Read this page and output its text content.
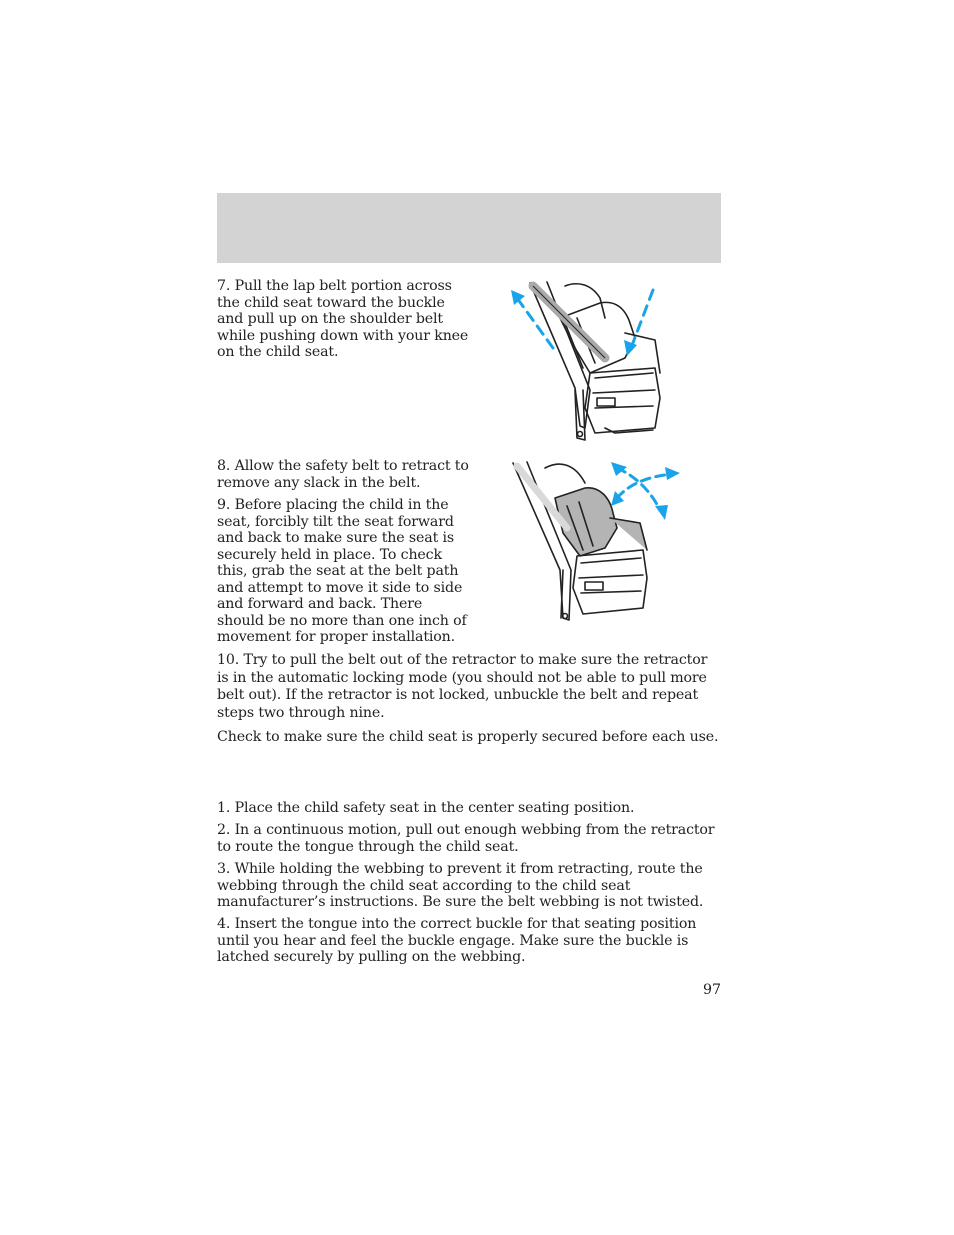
7. Pull the lap belt portion across the child seat toward the buckle and pull up on the shoulder belt while pushing down with your knee on the child seat.

8. Allow the safety belt to retract to remove any slack in the belt.

9. Before placing the child in the seat, forcibly tilt the seat forward and back to make sure the seat is securely held in place. To check this, grab the seat at the belt path and attempt to move it side to side and forward and back. There should be no more than one inch of movement for proper installation.

10. Try to pull the belt out of the retractor to make sure the retractor is in the automatic locking mode (you should not be able to pull more belt out). If the retractor is not locked, unbuckle the belt and repeat steps two through nine.

Check to make sure the child seat is properly secured before each use.

1. Place the child safety seat in the center seating position.

2. In a continuous motion, pull out enough webbing from the retractor to route the tongue through the child seat.

3. While holding the webbing to prevent it from retracting, route the webbing through the child seat according to the child seat manufacturer’s instructions. Be sure the belt webbing is not twisted.

4. Insert the tongue into the correct buckle for that seating position until you hear and feel the buckle engage. Make sure the buckle is latched securely by pulling on the webbing.

97
